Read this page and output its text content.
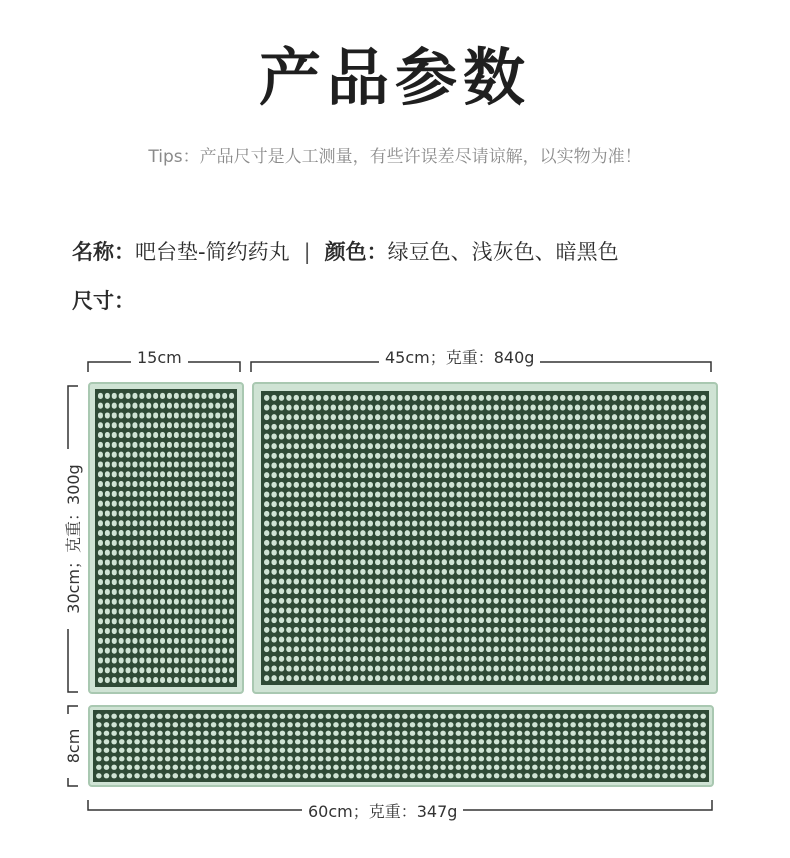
产品参数
Tips：产品尺寸是人工测量，有些许误差尽请谅解，以实物为准！
名称：吧台垫-简约药丸 | 颜色：绿豆色、浅灰色、暗黑色
尺寸：
15cm	45cm；克重：840g
30cm；克重：300g
8cm
60cm；克重：347g
